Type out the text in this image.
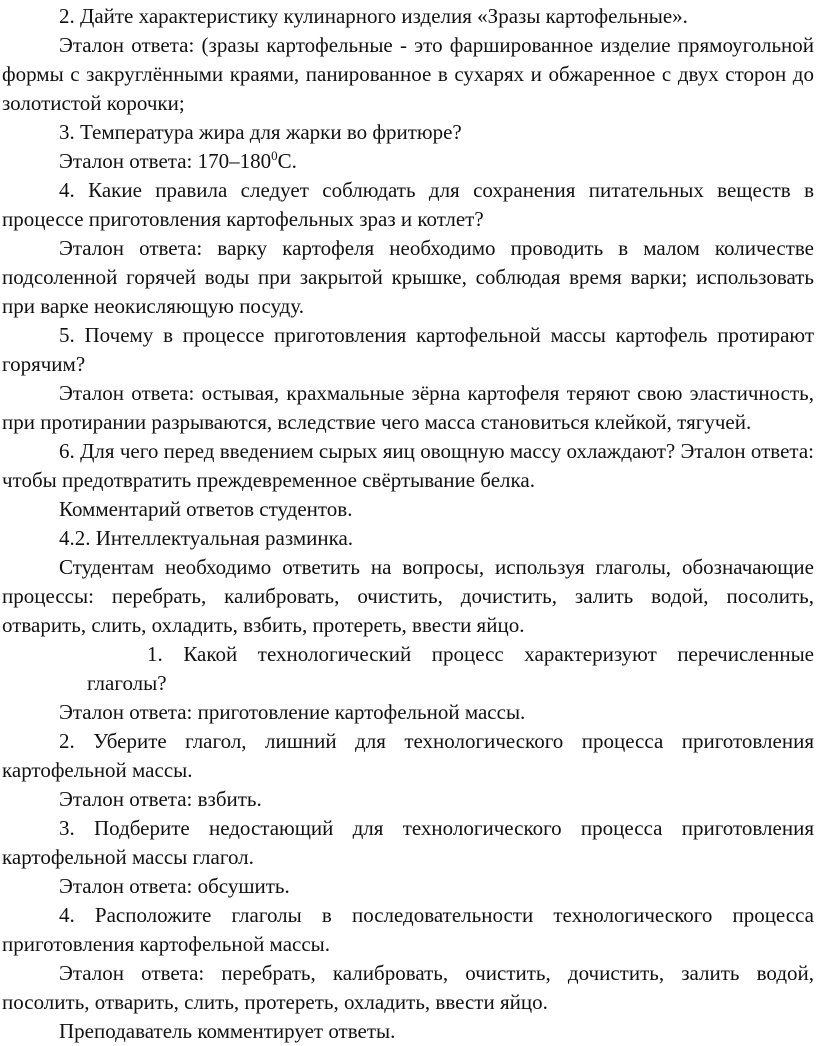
2. Дайте характеристику кулинарного изделия «Зразы картофельные».

Эталон ответа: (зразы картофельные - это фаршированное изделие прямоугольной формы с закруглёнными краями, панированное в сухарях и обжаренное с двух сторон до золотистой корочки;

3. Температура жира для жарки во фритюре?

Эталон ответа: $170-180^0С$.

4. Какие правила следует соблюдать для сохранения питательных веществ в процессе приготовления картофельных зраз и котлет?

Эталон ответа: варку картофеля необходимо проводить в малом количестве подсоленной горячей воды при закрытой крышке, соблюдая время варки; использовать при варке неокисляющую посуду.

5. Почему в процессе приготовления картофельной массы картофель протирают горячим?

Эталон ответа: остывая, крахмальные зёрна картофеля теряют свою эластичность, при протирании разрываются, вследствие чего масса становиться клейкой, тягучей.

6. Для чего перед введением сырых яиц овощную массу охлаждают? Эталон ответа: чтобы предотвратить преждевременное свёртывание белка.

Комментарий ответов студентов.

4.2. Интеллектуальная разминка.

Студентам необходимо ответить на вопросы, используя глаголы, обозначающие процессы: перебрать, калибровать, очистить, дочистить, залить водой, посолить, отварить, слить, охладить, взбить, протереть, ввести яйцо.

1. Какой технологический процесс характеризуют перечисленные глаголы?

Эталон ответа: приготовление картофельной массы.

2. Уберите глагол, лишний для технологического процесса приготовления картофельной массы.

Эталон ответа: взбить.

3. Подберите недостающий для технологического процесса приготовления картофельной массы глагол.

Эталон ответа: обсушить.

4. Расположите глаголы в последовательности технологического процесса приготовления картофельной массы.

Эталон ответа: перебрать, калибровать, очистить, дочистить, залить водой, посолить, отварить, слить, протереть, охладить, ввести яйцо.

Преподаватель комментирует ответы.
